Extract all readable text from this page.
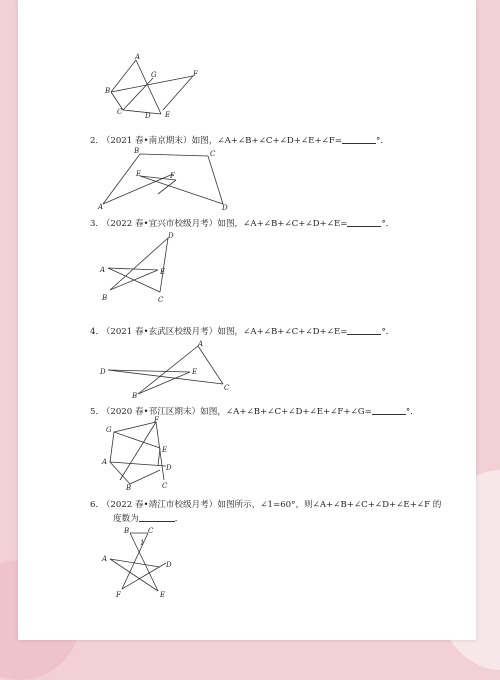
A
B
C	D E
F
G
2． （2021 春•南京期末）如图，∠A+∠B+∠C+∠D+∠E+∠F=	°．
A
B	C
D
E	F
3． （2022 春•宜兴市校级月考）如图，∠A+∠B+∠C+∠D+∠E=	°．
A
B	C
D
E
4． （2021 春•玄武区校级月考）如图，∠A+∠B+∠C+∠D+∠E=	°．
D
B
C
A
E
5． （2020 春•邗江区期末）如图，∠A+∠B+∠C+∠D+∠E+∠F+∠G=	°．
G
F
E
D
A
B	C
6． （2022 春•靖江市校级月考）如图所示，∠1=60°，则∠A+∠B+∠C+∠D+∠E+∠F 的
度数为	．
B	C
A
D
F	E
1
